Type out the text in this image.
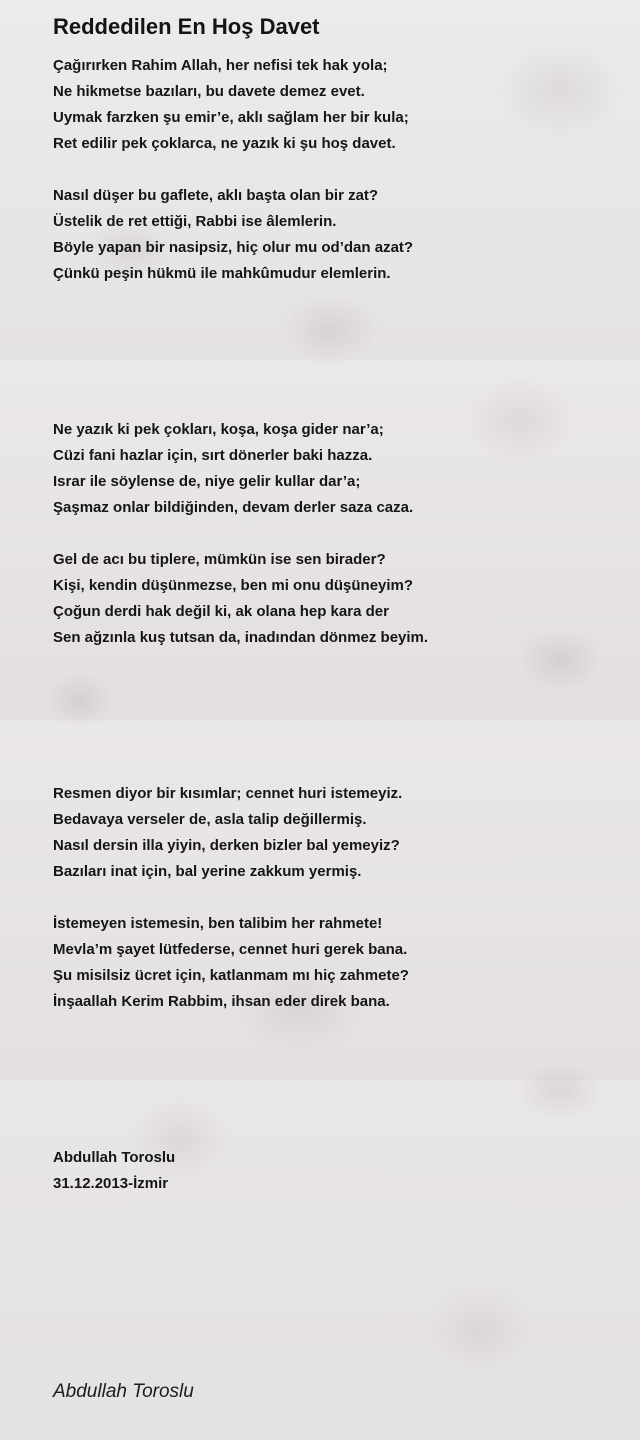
Reddedilen En Hoş Davet

Çağırırken Rahim Allah, her nefisi tek hak yola;
Ne hikmetse bazıları, bu davete demez evet.
Uymak farzken şu emir’e, aklı sağlam her bir kula;
Ret edilir pek çoklarca, ne yazık ki şu hoş davet.

Nasıl düşer bu gaflete, aklı başta olan bir zat?
Üstelik de ret ettiği, Rabbi ise âlemlerin.
Böyle yapan bir nasipsiz, hiç olur mu od’dan azat?
Çünkü peşin hükmü ile mahkûmudur elemlerin.

Ne yazık ki pek çokları, koşa, koşa gider nar’a;
Cüzi fani hazlar için, sırt dönerler baki hazza.
Israr ile söylense de, niye gelir kullar dar’a;
Şaşmaz onlar bildiğinden, devam derler saza caza.

Gel de acı bu tiplere, mümkün ise sen birader?
Kişi, kendin düşünmezse, ben mi onu düşüneyim?
Çoğun derdi hak değil ki, ak olana hep kara der
Sen ağzınla kuş tutsan da, inadından dönmez beyim.

Resmen diyor bir kısımlar; cennet huri istemeyiz.
Bedavaya verseler de, asla talip değillermiş.
Nasıl dersin illa yiyin, derken bizler bal yemeyiz?
Bazıları inat için, bal yerine zakkum yermiş.

İstemeyen istemesin, ben talibim her rahmete!
Mevla’m şayet lütfederse, cennet huri gerek bana.
Şu misilsiz ücret için, katlanmam mı hiç zahmete?
İnşaallah Kerim Rabbim, ihsan eder direk bana.

Abdullah Toroslu
31.12.2013-İzmir

Abdullah Toroslu
